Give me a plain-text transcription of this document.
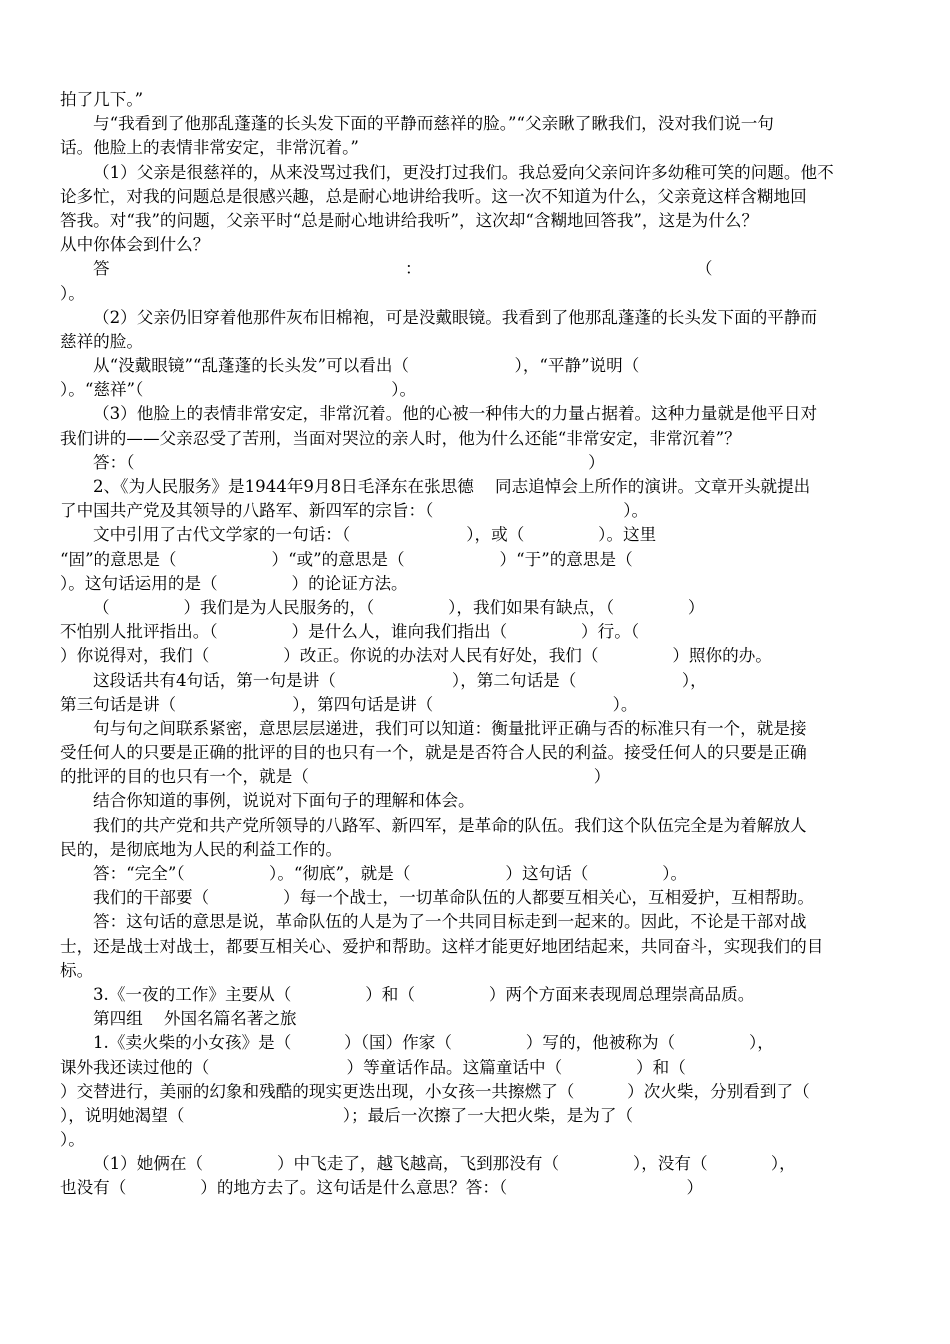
拍了几下。”
与“我看到了他那乱蓬蓬的长头发下面的平静而慈祥的脸。”“父亲瞅了瞅我们，没对我们说一句
话。他脸上的表情非常安定，非常沉着。”
（1）父亲是很慈祥的，从来没骂过我们，更没打过我们。我总爱向父亲问许多幼稚可笑的问题。他不
论多忙，对我的问题总是很感兴趣，总是耐心地讲给我听。这一次不知道为什么，父亲竟这样含糊地回
答我。对“我”的问题，父亲平时“总是耐心地讲给我听”，这次却“含糊地回答我”，这是为什么？
从中你体会到什么？
答                                                        ：                                                    （
）。
（2）父亲仍旧穿着他那件灰布旧棉袍，可是没戴眼镜。我看到了他那乱蓬蓬的长头发下面的平静而
慈祥的脸。
从“没戴眼镜”“乱蓬蓬的长头发”可以看出（                    ），“平静”说明（
）。“慈祥”（                                               ）。
（3）他脸上的表情非常安定，非常沉着。他的心被一种伟大的力量占据着。这种力量就是他平日对
我们讲的——父亲忍受了苦刑，当面对哭泣的亲人时，他为什么还能“非常安定，非常沉着”？
答：（                                                                                      ）
2、《为人民服务》是1944年9月8日毛泽东在张思德    同志追悼会上所作的演讲。文章开头就提出
了中国共产党及其领导的八路军、新四军的宗旨：（                                    ）。
文中引用了古代文学家的一句话：（                      ），或（              ）。这里
“固”的意思是（                  ）“或”的意思是（                  ）“于”的意思是（
）。这句话运用的是（              ）的论证方法。
（              ）我们是为人民服务的，（              ），我们如果有缺点，（              ）
不怕别人批评指出。（              ）是什么人，谁向我们指出（              ）行。（
）你说得对，我们（              ）改正。你说的办法对人民有好处，我们（              ）照你的办。
这段话共有4句话，第一句是讲（                      ），第二句话是（                    ），
第三句话是讲（                      ），第四句话是讲（                                  ）。
句与句之间联系紧密，意思层层递进，我们可以知道：衡量批评正确与否的标准只有一个，就是接
受任何人的只要是正确的批评的目的也只有一个，就是是否符合人民的利益。接受任何人的只要是正确
的批评的目的也只有一个，就是（                                                      ）
结合你知道的事例，说说对下面句子的理解和体会。
我们的共产党和共产党所领导的八路军、新四军，是革命的队伍。我们这个队伍完全是为着解放人
民的，是彻底地为人民的利益工作的。
答：“完全”（                ）。“彻底”，就是（                  ）这句话（              ）。
我们的干部要（              ）每一个战士，一切革命队伍的人都要互相关心，互相爱护，互相帮助。
答：这句话的意思是说，革命队伍的人是为了一个共同目标走到一起来的。因此，不论是干部对战
士，还是战士对战士，都要互相关心、爱护和帮助。这样才能更好地团结起来，共同奋斗，实现我们的目
标。
3.《一夜的工作》主要从（              ）和（              ）两个方面来表现周总理崇高品质。
第四组    外国名篇名著之旅
1.《卖火柴的小女孩》是（          ）（国）作家（              ）写的，他被称为（              ），
课外我还读过他的（                          ）等童话作品。这篇童话中（              ）和（
）交替进行，美丽的幻象和残酷的现实更迭出现，小女孩一共擦燃了（          ）次火柴，分别看到了（
），说明她渴望（                              ）；最后一次擦了一大把火柴，是为了（
）。
（1）她俩在（              ）中飞走了，越飞越高，飞到那没有（              ），没有（            ），
也没有（              ）的地方去了。这句话是什么意思？答：（                                  ）
